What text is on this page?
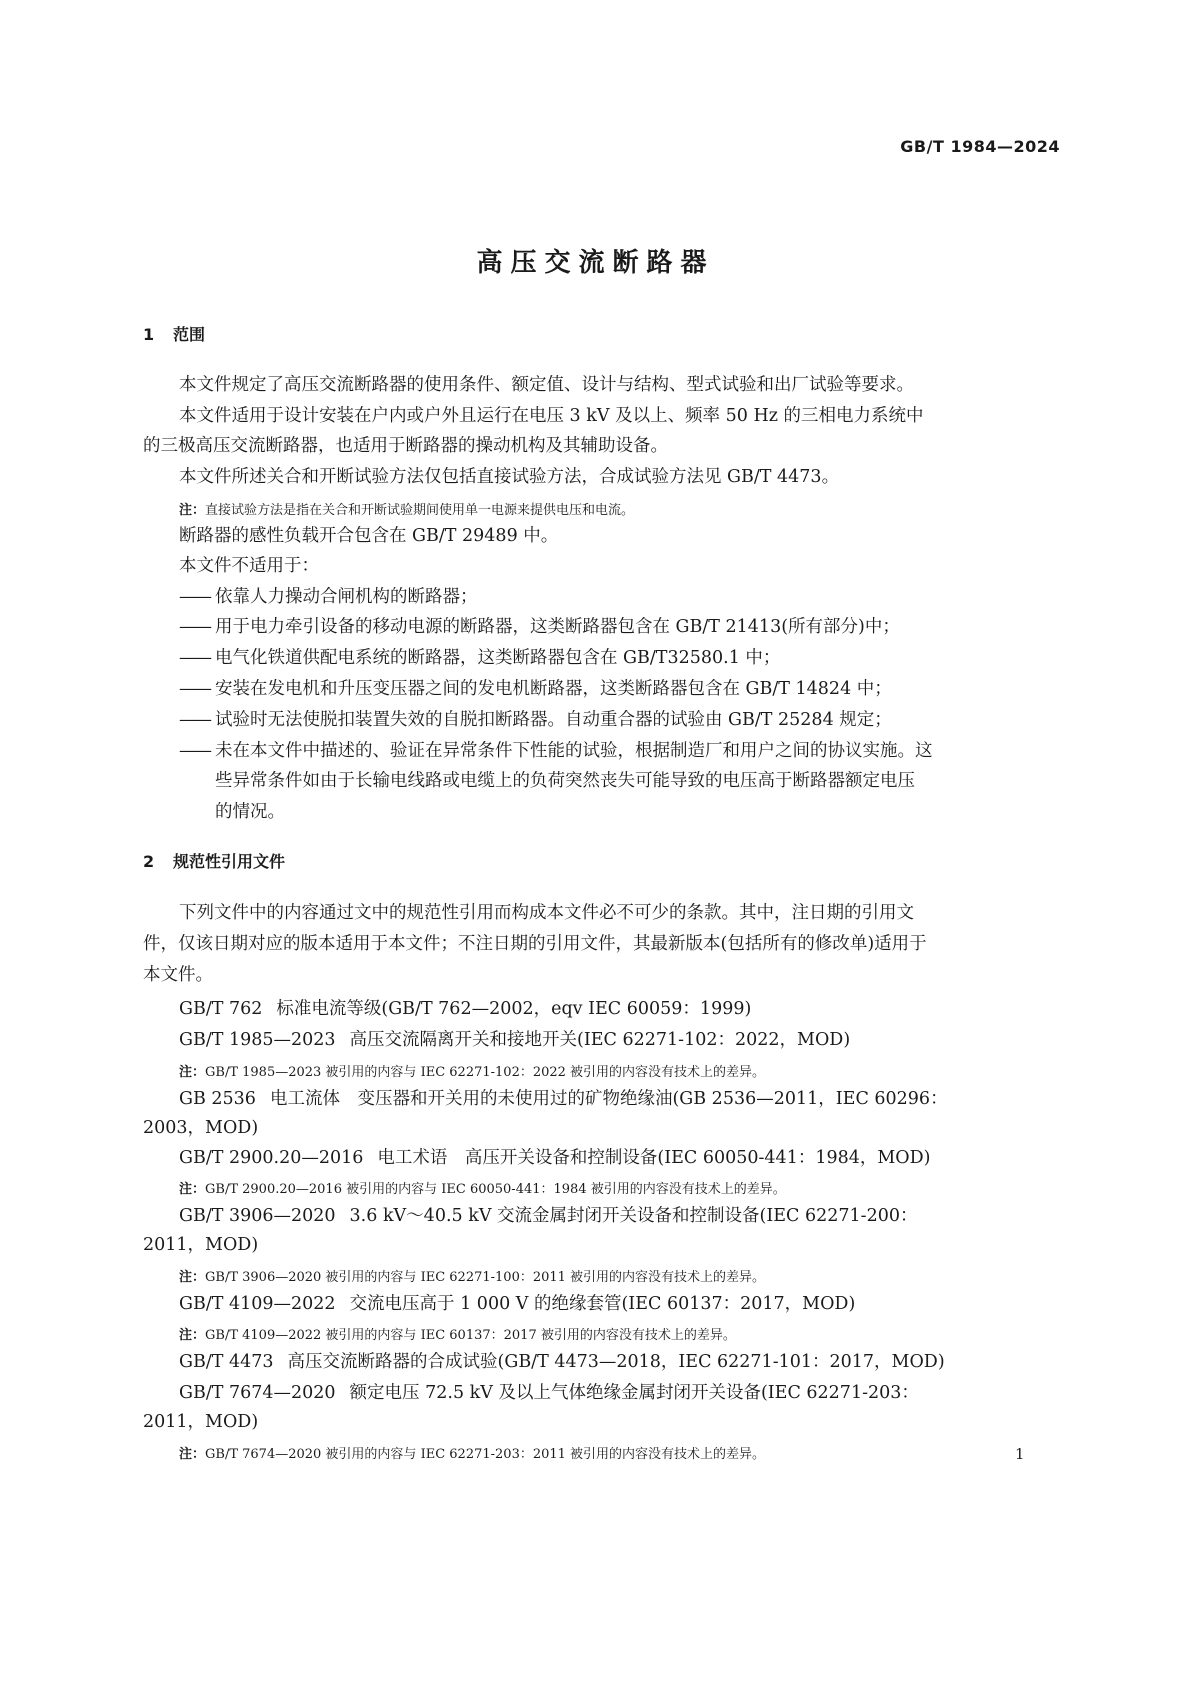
GB/T 1984—2024
高压交流断路器
1 范围
本文件规定了高压交流断路器的使用条件、额定值、设计与结构、型式试验和出厂试验等要求。
本文件适用于设计安装在户内或户外且运行在电压 3 kV 及以上、频率 50 Hz 的三相电力系统中
的三极高压交流断路器，也适用于断路器的操动机构及其辅助设备。
本文件所述关合和开断试验方法仅包括直接试验方法，合成试验方法见 GB/T 4473。
注：直接试验方法是指在关合和开断试验期间使用单一电源来提供电压和电流。
断路器的感性负载开合包含在 GB/T 29489 中。
本文件不适用于：
—— 依靠人力操动合闸机构的断路器；
—— 用于电力牵引设备的移动电源的断路器，这类断路器包含在 GB/T 21413(所有部分)中；
—— 电气化铁道供配电系统的断路器，这类断路器包含在 GB/T32580.1 中；
—— 安装在发电机和升压变压器之间的发电机断路器，这类断路器包含在 GB/T 14824 中；
—— 试验时无法使脱扣装置失效的自脱扣断路器。自动重合器的试验由 GB/T 25284 规定；
—— 未在本文件中描述的、验证在异常条件下性能的试验，根据制造厂和用户之间的协议实施。这
些异常条件如由于长输电线路或电缆上的负荷突然丧失可能导致的电压高于断路器额定电压
的情况。
2 规范性引用文件
下列文件中的内容通过文中的规范性引用而构成本文件必不可少的条款。其中，注日期的引用文
件，仅该日期对应的版本适用于本文件；不注日期的引用文件，其最新版本(包括所有的修改单)适用于
本文件。
GB/T 762 标准电流等级(GB/T 762—2002，eqv IEC 60059：1999)
GB/T 1985—2023 高压交流隔离开关和接地开关(IEC 62271-102：2022，MOD)
注：GB/T 1985—2023 被引用的内容与 IEC 62271-102：2022 被引用的内容没有技术上的差异。
GB 2536 电工流体　变压器和开关用的未使用过的矿物绝缘油(GB 2536—2011，IEC 60296：
2003，MOD)
GB/T 2900.20—2016 电工术语　高压开关设备和控制设备(IEC 60050-441：1984，MOD)
注：GB/T 2900.20—2016 被引用的内容与 IEC 60050-441：1984 被引用的内容没有技术上的差异。
GB/T 3906—2020 3.6 kV～40.5 kV 交流金属封闭开关设备和控制设备(IEC 62271-200：
2011，MOD)
注：GB/T 3906—2020 被引用的内容与 IEC 62271-100：2011 被引用的内容没有技术上的差异。
GB/T 4109—2022 交流电压高于 1 000 V 的绝缘套管(IEC 60137：2017，MOD)
注：GB/T 4109—2022 被引用的内容与 IEC 60137：2017 被引用的内容没有技术上的差异。
GB/T 4473 高压交流断路器的合成试验(GB/T 4473—2018，IEC 62271-101：2017，MOD)
GB/T 7674—2020 额定电压 72.5 kV 及以上气体绝缘金属封闭开关设备(IEC 62271-203：
2011，MOD)
注：GB/T 7674—2020 被引用的内容与 IEC 62271-203：2011 被引用的内容没有技术上的差异。	1
